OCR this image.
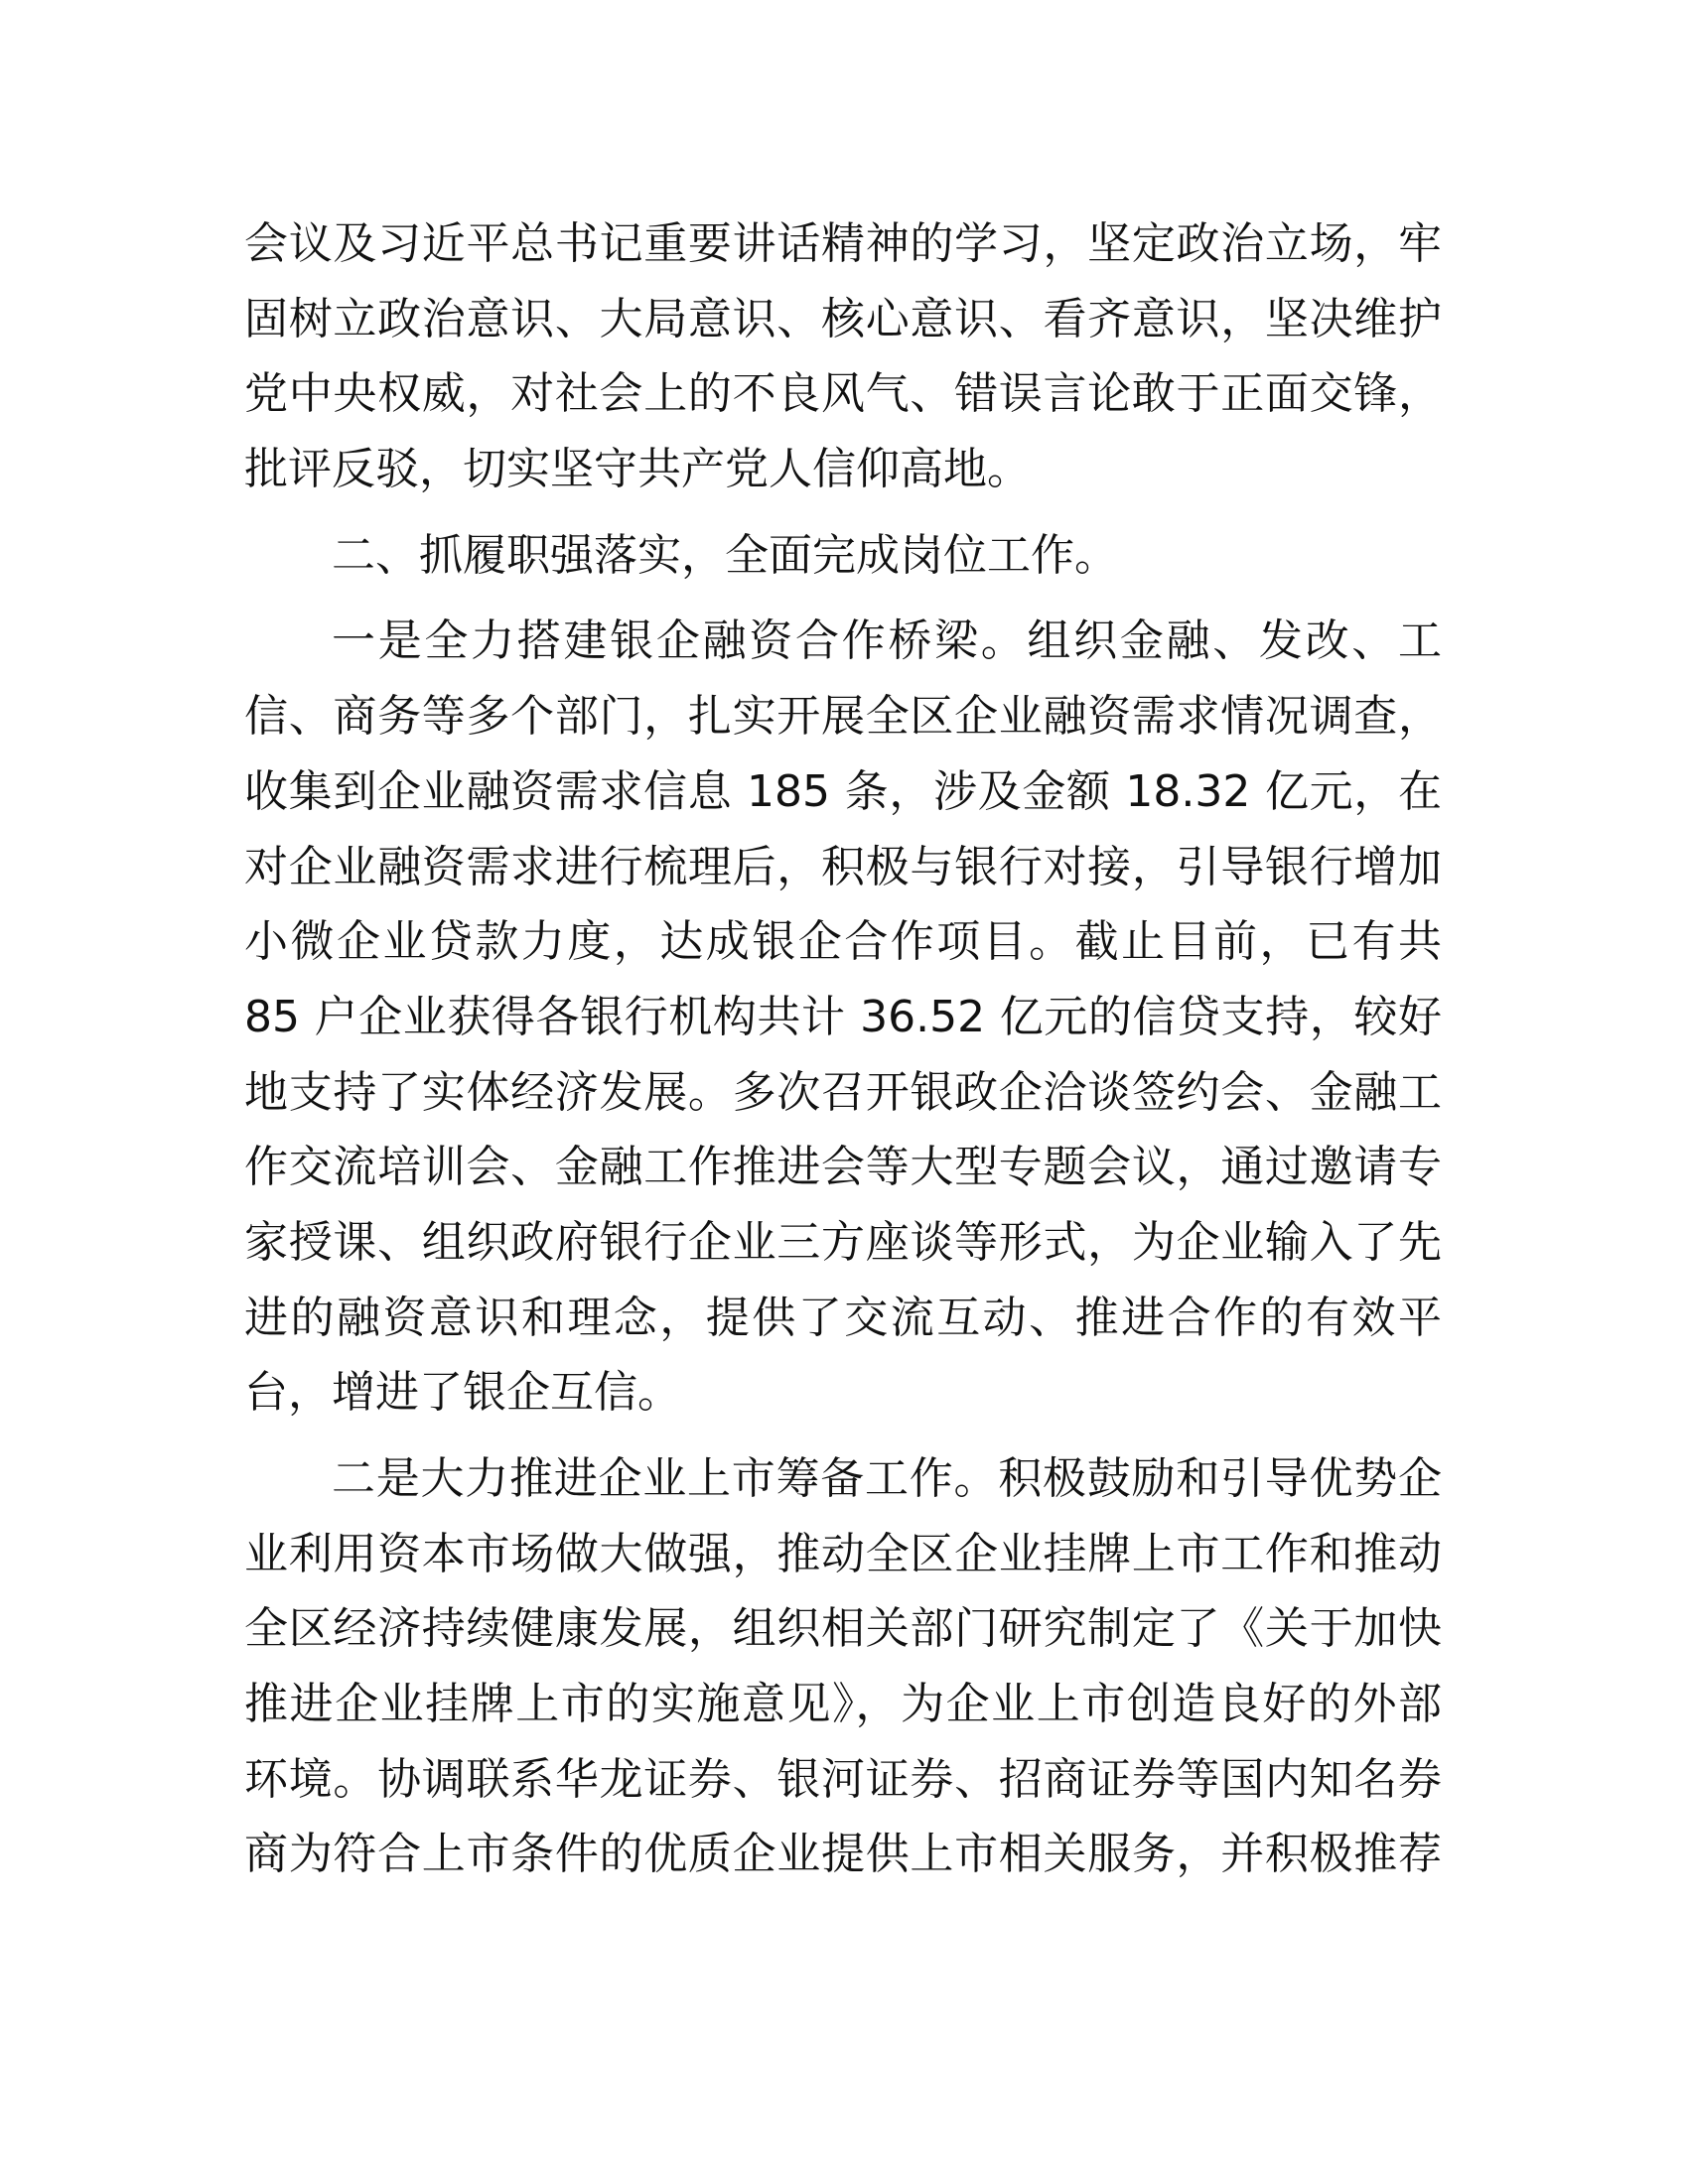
会议及习近平总书记重要讲话精神的学习，坚定政治立场，牢
固树立政治意识、大局意识、核心意识、看齐意识，坚决维护
党中央权威，对社会上的不良风气、错误言论敢于正面交锋，
批评反驳，切实坚守共产党人信仰高地。
二、抓履职强落实，全面完成岗位工作。
一是全力搭建银企融资合作桥梁。组织金融、发改、工
信、商务等多个部门，扎实开展全区企业融资需求情况调查，
收集到企业融资需求信息 185 条，涉及金额 18.32 亿元，在
对企业融资需求进行梳理后，积极与银行对接，引导银行增加
小微企业贷款力度，达成银企合作项目。截止目前，已有共
85 户企业获得各银行机构共计 36.52 亿元的信贷支持，较好
地支持了实体经济发展。多次召开银政企洽谈签约会、金融工
作交流培训会、金融工作推进会等大型专题会议，通过邀请专
家授课、组织政府银行企业三方座谈等形式，为企业输入了先
进的融资意识和理念，提供了交流互动、推进合作的有效平
台，增进了银企互信。
二是大力推进企业上市筹备工作。积极鼓励和引导优势企
业利用资本市场做大做强，推动全区企业挂牌上市工作和推动
全区经济持续健康发展，组织相关部门研究制定了《关于加快
推进企业挂牌上市的实施意见》，为企业上市创造良好的外部
环境。协调联系华龙证券、银河证券、招商证券等国内知名券
商为符合上市条件的优质企业提供上市相关服务，并积极推荐
